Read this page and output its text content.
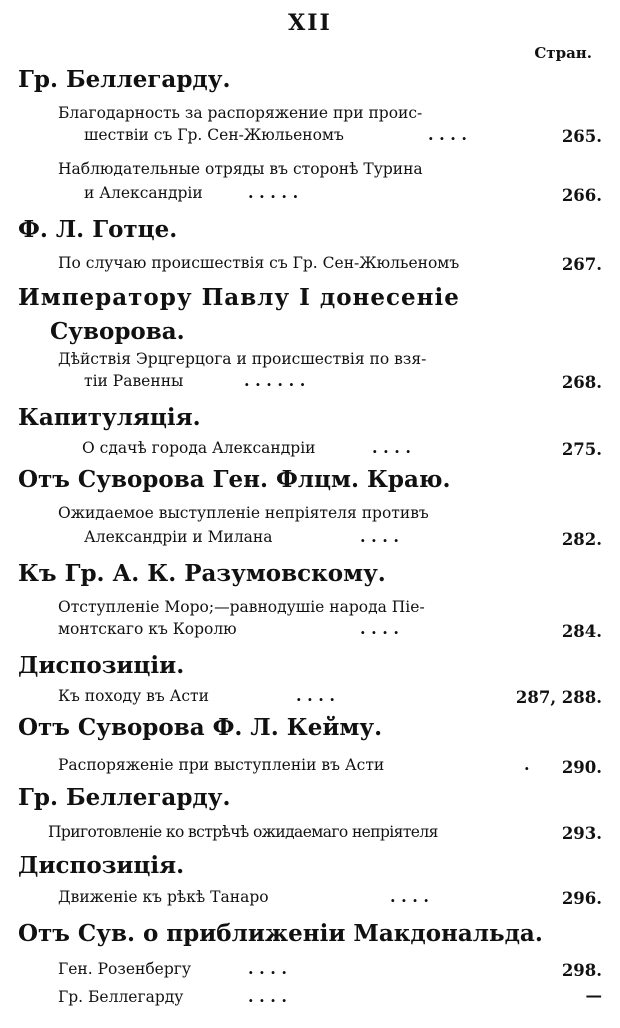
XII
Стран.
Гр. Беллегарду.
Благодарность за распоряжение при проис-
шествіи съ Гр. Сен-Жюльеномъ	. . . .	265.
Наблюдательные отряды въ сторонѣ Турина
и Александріи	. . . . .	266.
Ф. Л. Готце.
По случаю происшествія съ Гр. Сен-Жюльеномъ	267.
Императору Павлу I донесеніе
Суворова.
Дѣйствія Эрцгерцога и происшествія по взя-
тіи Равенны	. . . . . .	268.
Капитуляція.
О сдачѣ города Александріи	. . . .	275.
Отъ Суворова Ген. Флцм. Краю.
Ожидаемое выступленіе непріятеля противъ
Александріи и Милана	. . . .	282.
Къ Гр. А. К. Разумовскому.
Отступленіе Моро;—равнодушіе народа Піе-
монтскаго къ Королю	. . . .	284.
Диспозиціи.
Къ походу въ Асти	. . . .	287, 288.
Отъ Суворова Ф. Л. Кейму.
Распоряженіе при выступленіи въ Асти	. 290.
Гр. Беллегарду.
Приготовленіе ко встрѣчѣ ожидаемаго непріятеля	293.
Диспозиція.
Движеніе къ рѣкѣ Танаро	. . . .	296.
Отъ Сув. о приближеніи Макдональда.
Ген. Розенбергу	. . . .	298.
Гр. Беллегарду	. . . .	—
